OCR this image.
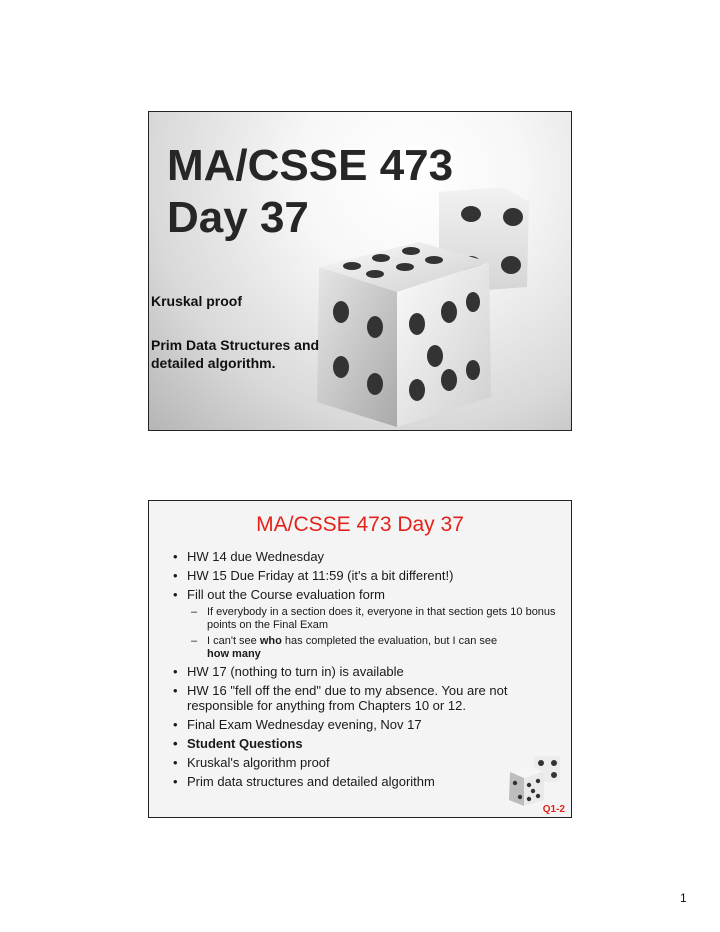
MA/CSSE 473
Day 37
Kruskal proof
Prim Data Structures and detailed algorithm.
MA/CSSE 473 Day 37
• HW 14 due Wednesday
• HW 15 Due Friday at 11:59 (it's a bit different!)
• Fill out the Course evaluation form
– If everybody in a section does it, everyone in that section gets 10 bonus points on the Final Exam
– I can't see who has completed the evaluation, but I can see
how many
• HW 17 (nothing to turn in) is available
• HW 16 "fell off the end" due to my absence. You are not responsible for anything from Chapters 10 or 12.
• Final Exam Wednesday evening, Nov 17
• Student Questions
• Kruskal's algorithm proof
• Prim data structures and detailed algorithm
Q1-2
1
